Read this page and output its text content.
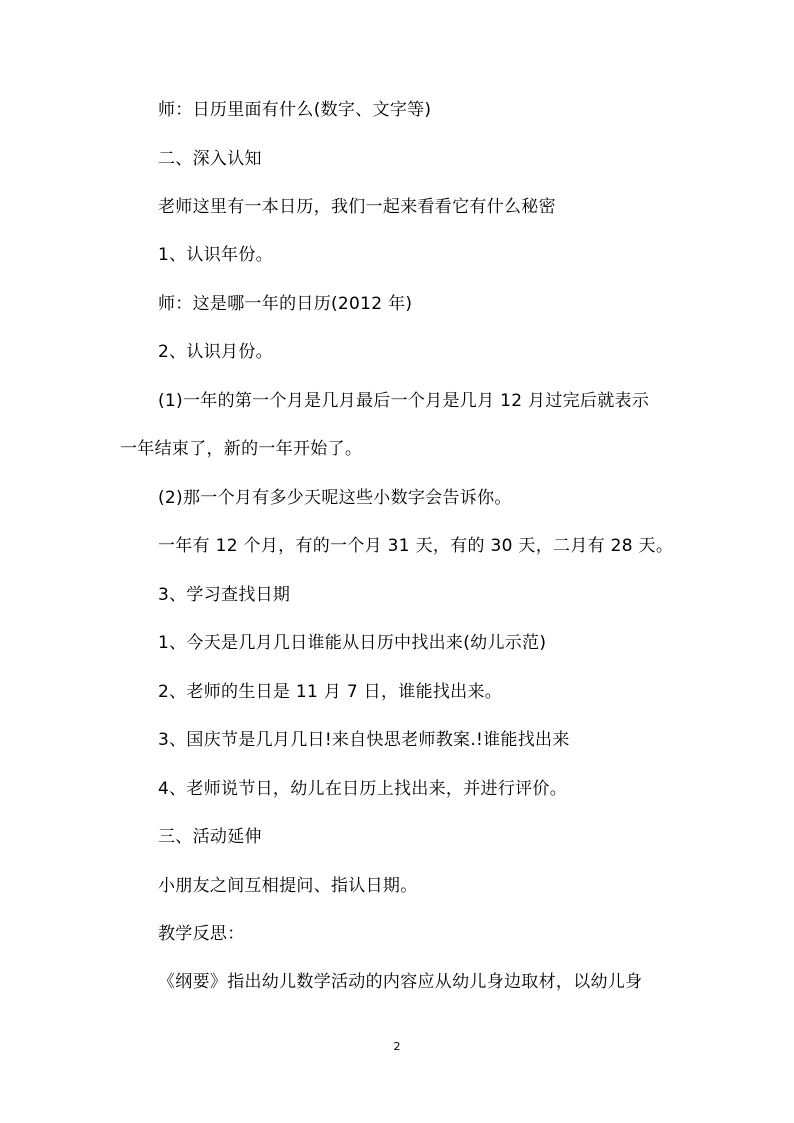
师：日历里面有什么(数字、文字等)
二、深入认知
老师这里有一本日历，我们一起来看看它有什么秘密
1、认识年份。
师：这是哪一年的日历(2012 年)
2、认识月份。
(1)一年的第一个月是几月最后一个月是几月 12 月过完后就表示
一年结束了，新的一年开始了。
(2)那一个月有多少天呢这些小数字会告诉你。
一年有 12 个月，有的一个月 31 天，有的 30 天，二月有 28 天。
3、学习查找日期
1、今天是几月几日谁能从日历中找出来(幼儿示范)
2、老师的生日是 11 月 7 日，谁能找出来。
3、国庆节是几月几日!来自快思老师教案.!谁能找出来
4、老师说节日，幼儿在日历上找出来，并进行评价。
三、活动延伸
小朋友之间互相提问、指认日期。
教学反思：
《纲要》指出幼儿数学活动的内容应从幼儿身边取材，以幼儿身
2
